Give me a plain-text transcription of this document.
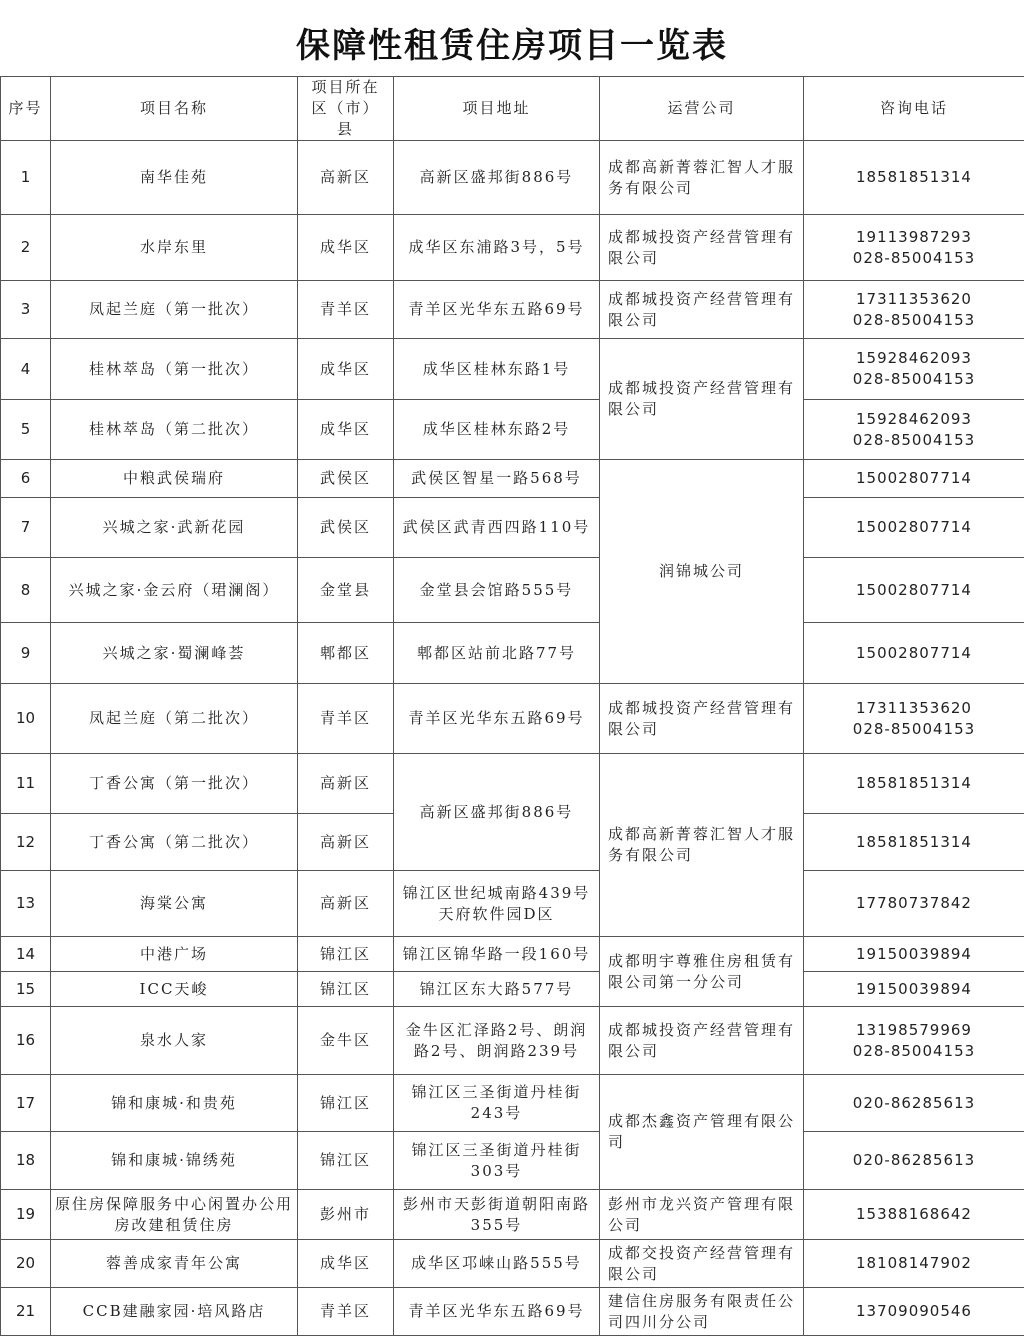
保障性租赁住房项目一览表
序号	项目名称	项目所在区（市）县	项目地址	运营公司	咨询电话
1	南华佳苑	高新区	高新区盛邦街886号	成都高新菁蓉汇智人才服务有限公司	18581851314
2	水岸东里	成华区	成华区东浦路3号，5号	成都城投资产经营管理有限公司	19113987293
028-85004153

3	凤起兰庭（第一批次）	青羊区	青羊区光华东五路69号	成都城投资产经营管理有限公司	17311353620
028-85004153

4	桂林萃岛（第一批次）	成华区	成华区桂林东路1号	成都城投资产经营管理有限公司	15928462093
028-85004153

5	桂林萃岛（第二批次）	成华区	成华区桂林东路2号		15928462093
028-85004153

6	中粮武侯瑞府	武侯区	武侯区智星一路568号	润锦城公司	15002807714
7	兴城之家·武新花园	武侯区	武侯区武青西四路110号		15002807714
8	兴城之家·金云府（珺澜阁）	金堂县	金堂县会馆路555号		15002807714
9	兴城之家·蜀澜峰荟	郫都区	郫都区站前北路77号		15002807714
10	凤起兰庭（第二批次）	青羊区	青羊区光华东五路69号	成都城投资产经营管理有限公司	17311353620
028-85004153

11	丁香公寓（第一批次）	高新区	高新区盛邦街886号	成都高新菁蓉汇智人才服务有限公司	18581851314
12	丁香公寓（第二批次）	高新区			18581851314
13	海棠公寓	高新区	锦江区世纪城南路439号天府软件园D区		17780737842
14	中港广场	锦江区	锦江区锦华路一段160号	成都明宇尊雅住房租赁有限公司第一分公司	19150039894
15	ICC天峻	锦江区	锦江区东大路577号		19150039894
16	泉水人家	金牛区	金牛区汇泽路2号、朗润路2号、朗润路239号	成都城投资产经营管理有限公司	13198579969
028-85004153

17	锦和康城·和贵苑	锦江区	锦江区三圣街道丹桂街243号	成都杰鑫资产管理有限公司	020-86285613
18	锦和康城·锦绣苑	锦江区	锦江区三圣街道丹桂街303号		020-86285613
19	原住房保障服务中心闲置办公用房改建租赁住房	彭州市	彭州市天彭街道朝阳南路355号	彭州市龙兴资产管理有限公司	15388168642
20	蓉善成家青年公寓	成华区	成华区邛崃山路555号	成都交投资产经营管理有限公司	18108147902
21	CCB建融家园·培风路店	青羊区	青羊区光华东五路69号	建信住房服务有限责任公司四川分公司	13709090546
